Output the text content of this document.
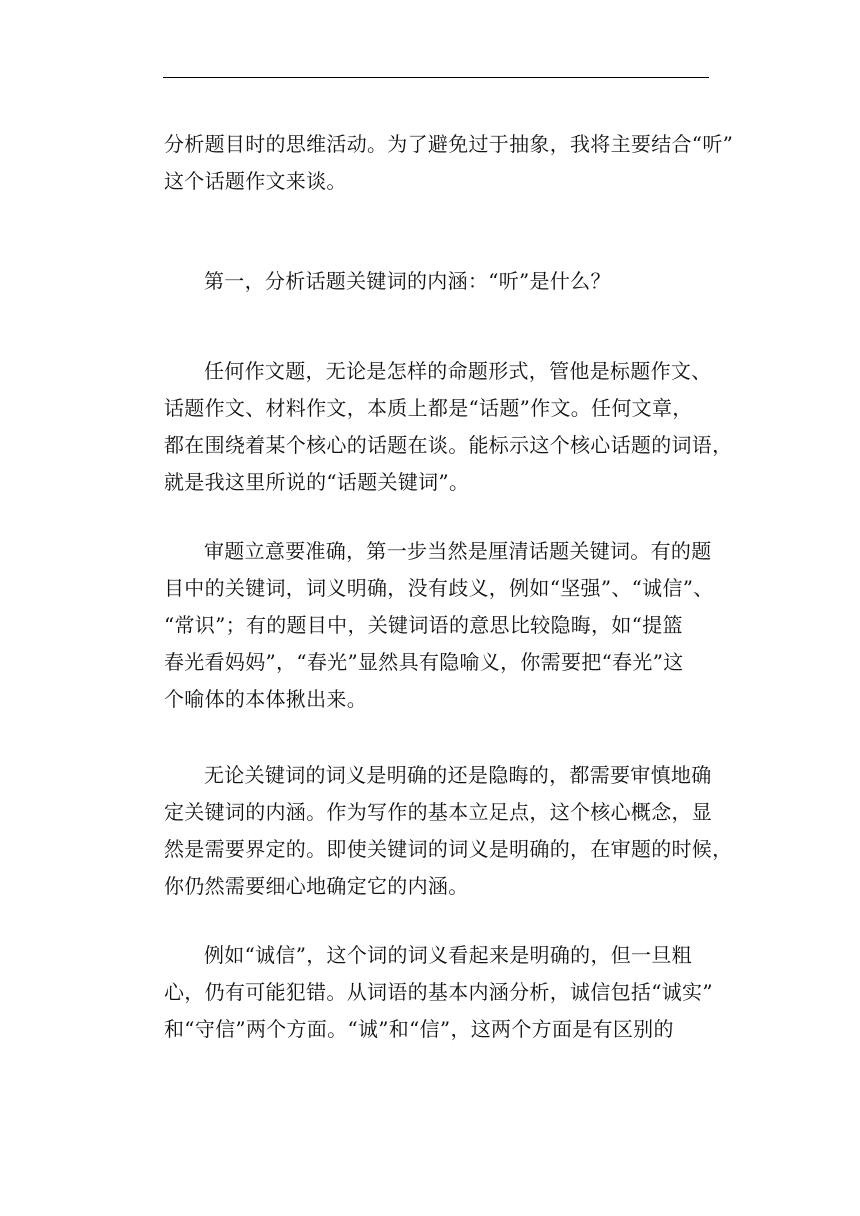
分析题目时的思维活动。为了避免过于抽象，我将主要结合“听”
这个话题作文来谈。
第一，分析话题关键词的内涵：“听”是什么？
任何作文题，无论是怎样的命题形式，管他是标题作文、
话题作文、材料作文，本质上都是“话题”作文。任何文章，
都在围绕着某个核心的话题在谈。能标示这个核心话题的词语，
就是我这里所说的“话题关键词”。
审题立意要准确，第一步当然是厘清话题关键词。有的题
目中的关键词，词义明确，没有歧义，例如“坚强”、“诚信”、
“常识”；有的题目中，关键词语的意思比较隐晦，如“提篮
春光看妈妈”，“春光”显然具有隐喻义，你需要把“春光”这
个喻体的本体揪出来。
无论关键词的词义是明确的还是隐晦的，都需要审慎地确
定关键词的内涵。作为写作的基本立足点，这个核心概念，显
然是需要界定的。即使关键词的词义是明确的，在审题的时候，
你仍然需要细心地确定它的内涵。
例如“诚信”，这个词的词义看起来是明确的，但一旦粗
心，仍有可能犯错。从词语的基本内涵分析，诚信包括“诚实”
和“守信”两个方面。“诚”和“信”，这两个方面是有区别的
